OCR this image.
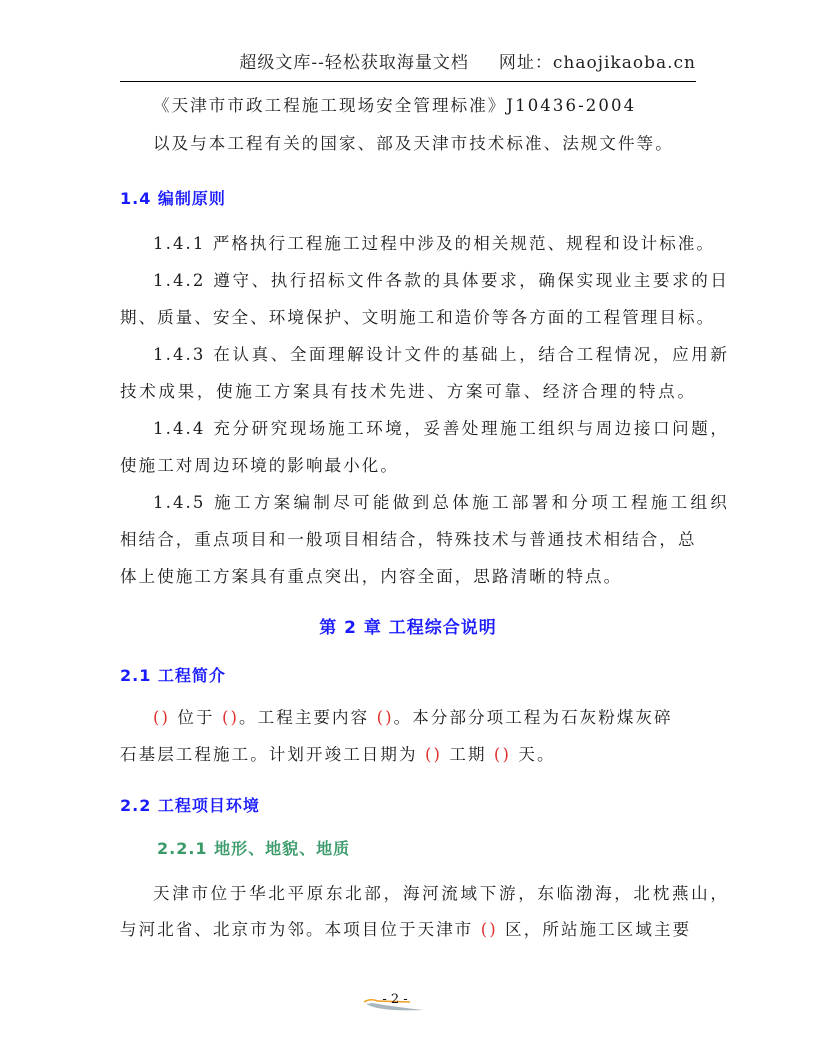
超级文库--轻松获取海量文档 网址：chaojikaoba.cn
《天津市市政工程施工现场安全管理标准》J10436-2004
以及与本工程有关的国家、部及天津市技术标准、法规文件等。
1.4 编制原则
1.4.1 严格执行工程施工过程中涉及的相关规范、规程和设计标准。
1.4.2 遵守、执行招标文件各款的具体要求，确保实现业主要求的日
期、质量、安全、环境保护、文明施工和造价等各方面的工程管理目标。
1.4.3 在认真、全面理解设计文件的基础上，结合工程情况，应用新
技术成果，使施工方案具有技术先进、方案可靠、经济合理的特点。
1.4.4 充分研究现场施工环境，妥善处理施工组织与周边接口问题，
使施工对周边环境的影响最小化。
1.4.5 施工方案编制尽可能做到总体施工部署和分项工程施工组织
相结合，重点项目和一般项目相结合，特殊技术与普通技术相结合，总
体上使施工方案具有重点突出，内容全面，思路清晰的特点。
第 2 章 工程综合说明
2.1 工程简介
() 位于 ()。工程主要内容 ()。本分部分项工程为石灰粉煤灰碎
石基层工程施工。计划开竣工日期为 () 工期 () 天。
2.2 工程项目环境
2.2.1 地形、地貌、地质
天津市位于华北平原东北部，海河流域下游，东临渤海，北枕燕山，
与河北省、北京市为邻。本项目位于天津市 () 区，所站施工区域主要
- 2 -
